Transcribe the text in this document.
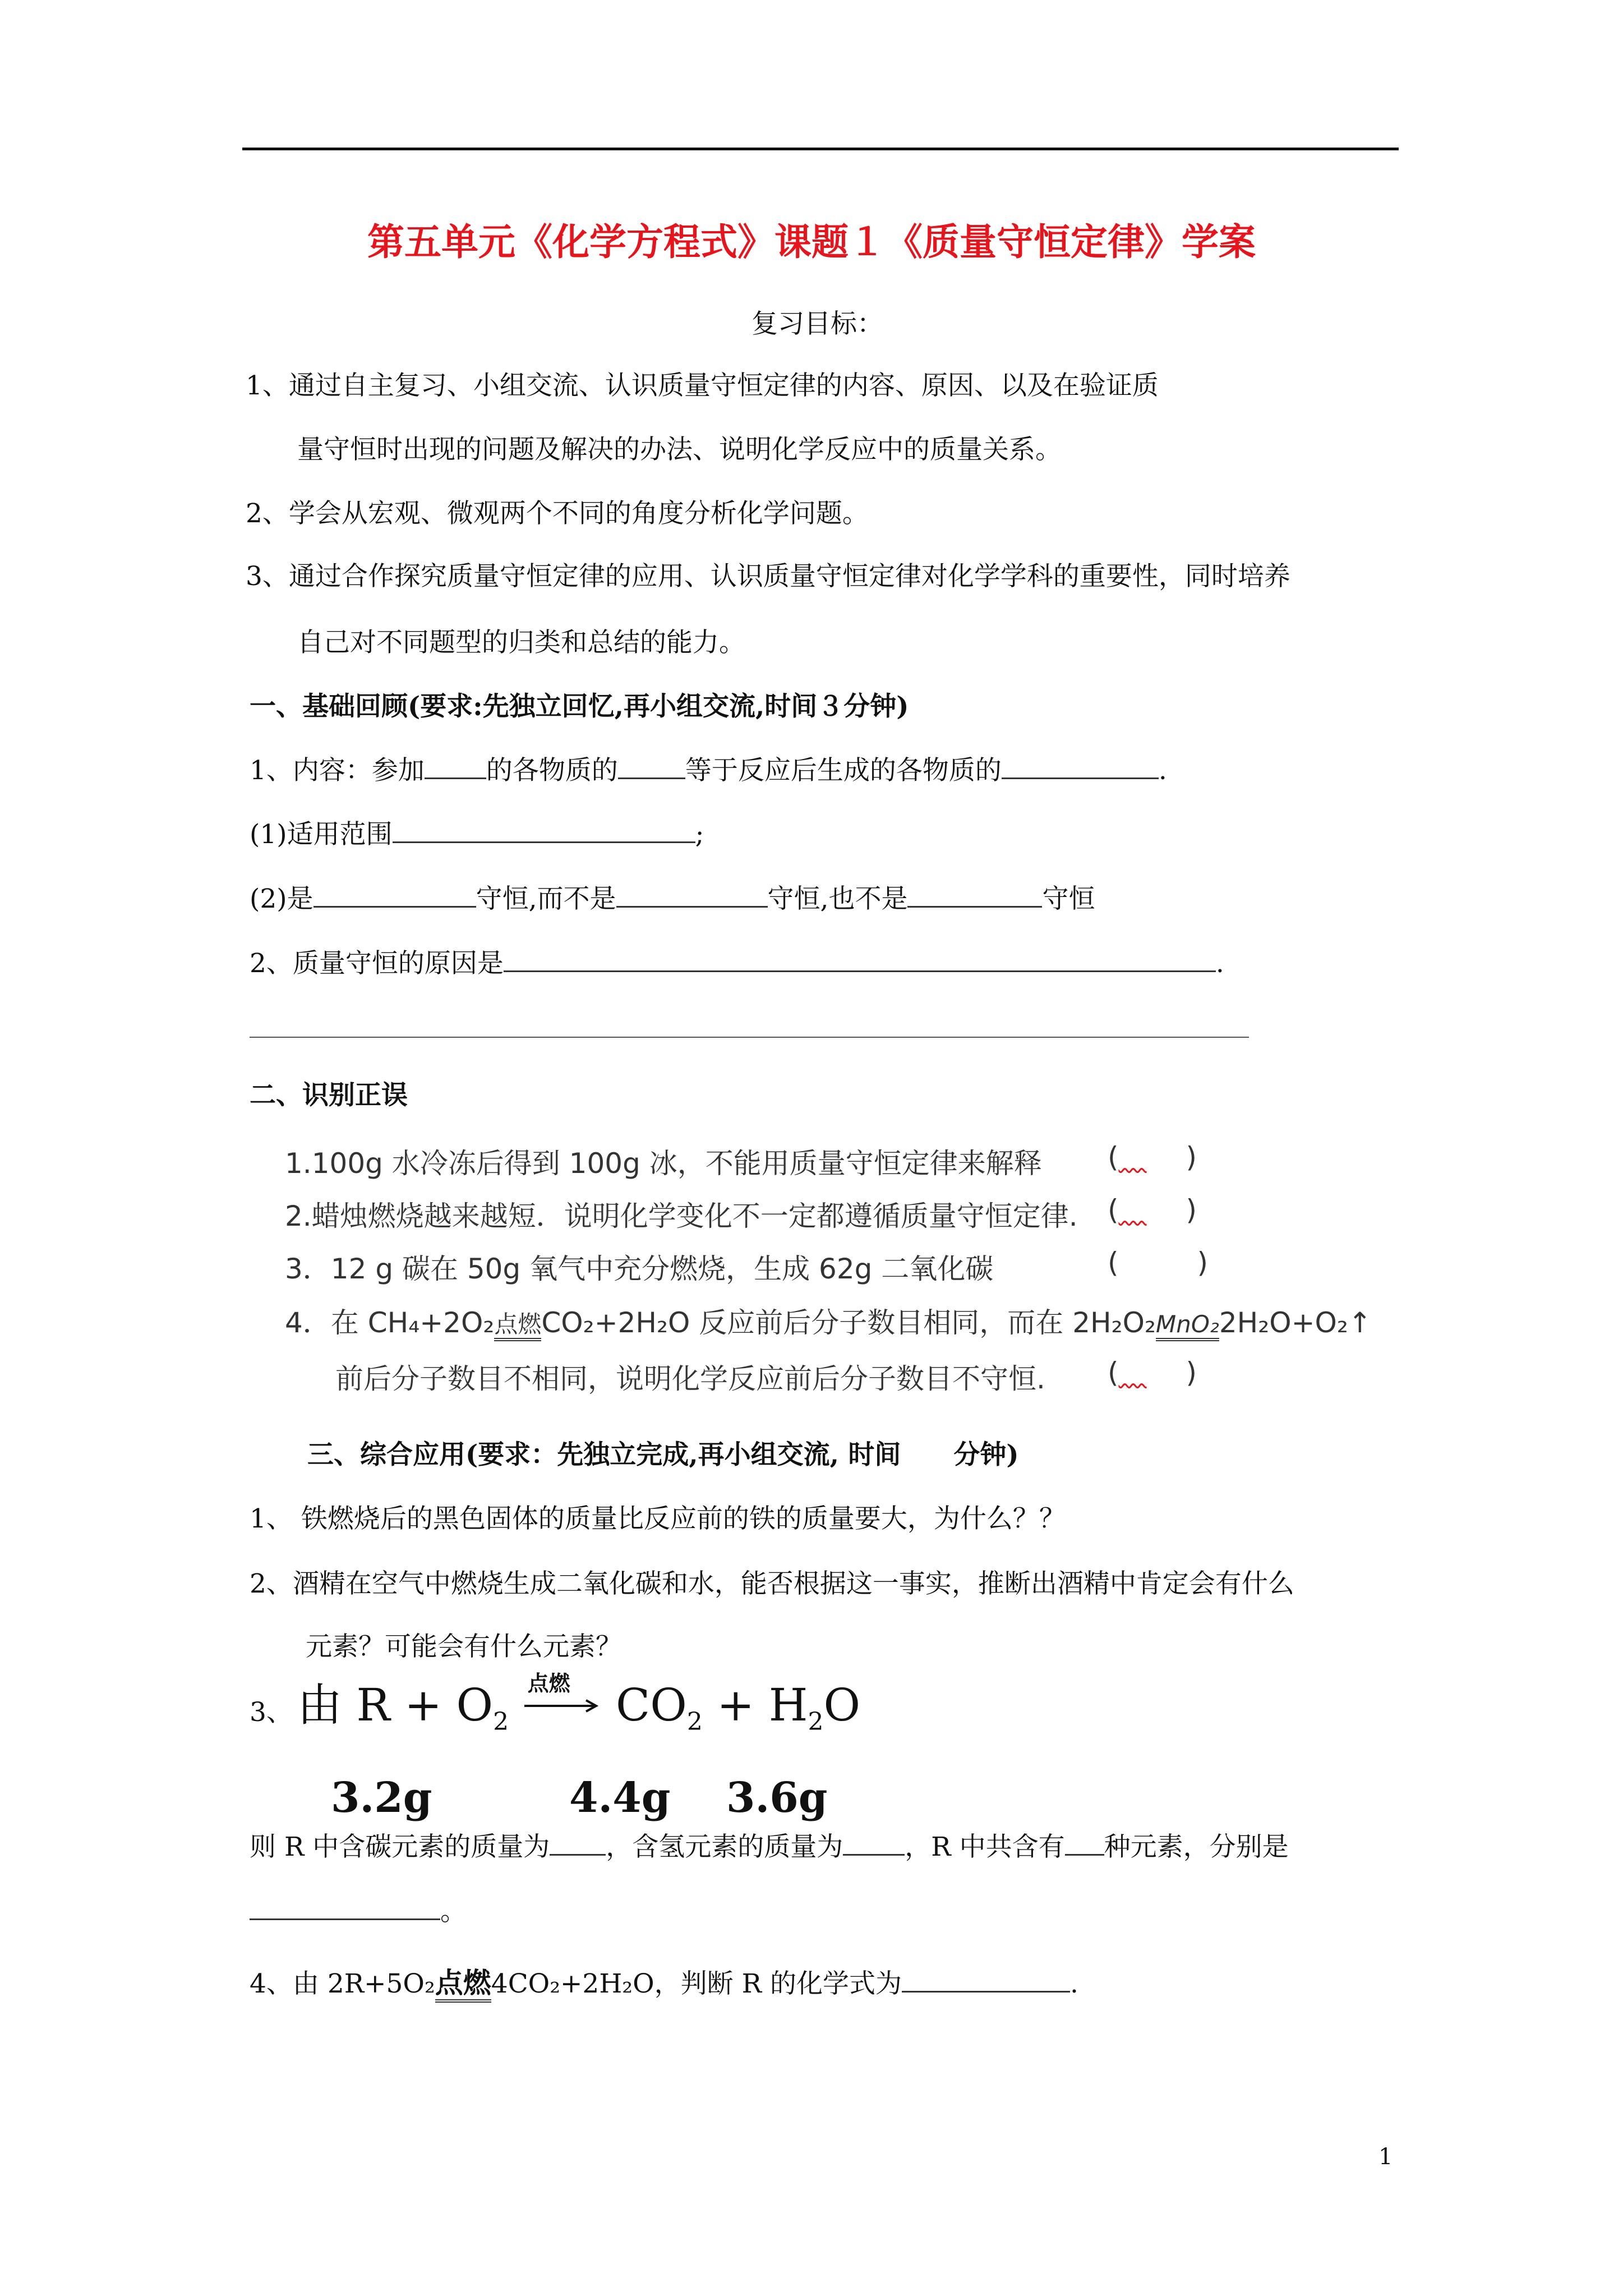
第五单元《化学方程式》课题１《质量守恒定律》学案
复习目标：
1、通过自主复习、小组交流、认识质量守恒定律的内容、原因、以及在验证质
量守恒时出现的问题及解决的办法、说明化学反应中的质量关系。
2、学会从宏观、微观两个不同的角度分析化学问题。
3、通过合作探究质量守恒定律的应用、认识质量守恒定律对化学学科的重要性，同时培养
自己对不同题型的归类和总结的能力。
一、基础回顾(要求:先独立回忆,再小组交流,时间３分钟)
1、内容：参加 的各物质的	等于反应后生成的各物质的	.
(1)适用范围	;
(2)是	守恒,而不是	守恒,也不是	守恒
2、质量守恒的原因是	.
二、识别正误
1.100g 水冷冻后得到 100g 冰，不能用质量守恒定律来解释
2.蜡烛燃烧越来越短．说明化学变化不一定都遵循质量守恒定律.
3．12 g 碳在 50g 氧气中充分燃烧，生成 62g 二氧化碳
4．在 CH₄+2O₂点燃CO₂+2H₂O 反应前后分子数目相同，而在 2H₂O₂MnO₂2H₂O+O₂↑
前后分子数目不相同，说明化学反应前后分子数目不守恒.
(  )
(  )
( 	)
(  )
三、综合应用(要求：先独立完成,再小组交流, 时间　　分钟)
1、 铁燃烧后的黑色固体的质量比反应前的铁的质量要大，为什么？？
2、酒精在空气中燃烧生成二氧化碳和水，能否根据这一事实，推断出酒精中肯定会有什么
元素？可能会有什么元素？
3、 由 $R + O_2$
点燃 $CO_2 + H_2O$
3.2g	4.4g 3.6g
则 R 中含碳元素的质量为 ，含氢元素的质量为 ，R 中共含有 种元素，分别是
。
4、由 2R+5O₂点燃4CO₂+2H₂O，判断 R 的化学式为	.
1
